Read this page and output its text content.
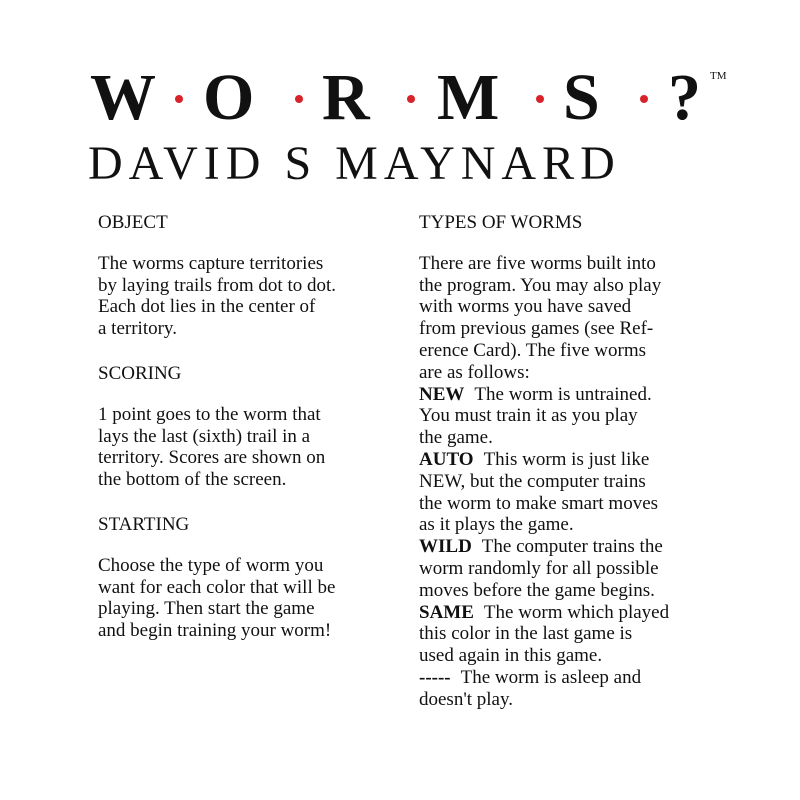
W O R M S ? TM
DAVID S MAYNARD
OBJECT
The worms capture territories
by laying trails from dot to dot.
Each dot lies in the center of
a territory.
SCORING
1 point goes to the worm that
lays the last (sixth) trail in a
territory. Scores are shown on
the bottom of the screen.
STARTING
Choose the type of worm you
want for each color that will be
playing. Then start the game
and begin training your worm!
TYPES OF WORMS
There are five worms built into
the program. You may also play
with worms you have saved
from previous games (see Ref-
erence Card). The five worms
are as follows:
NEW The worm is untrained.
You must train it as you play
the game.
AUTO This worm is just like
NEW, but the computer trains
the worm to make smart moves
as it plays the game.
WILD The computer trains the
worm randomly for all possible
moves before the game begins.
SAME The worm which played
this color in the last game is
used again in this game.
----- The worm is asleep and
doesn't play.
